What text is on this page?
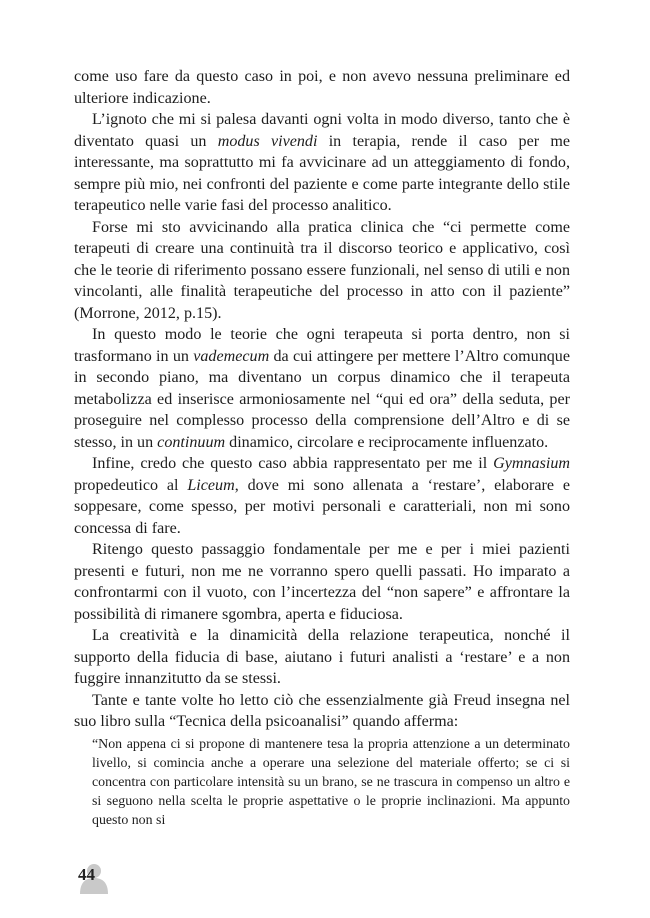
come uso fare da questo caso in poi, e non avevo nessuna preliminare ed ulteriore indicazione.

L’ignoto che mi si palesa davanti ogni volta in modo diverso, tanto che è diventato quasi un modus vivendi in terapia, rende il caso per me interessante, ma soprattutto mi fa avvicinare ad un atteggiamento di fondo, sempre più mio, nei confronti del paziente e come parte integrante dello stile terapeutico nelle varie fasi del processo analitico.

Forse mi sto avvicinando alla pratica clinica che “ci permette come terapeuti di creare una continuità tra il discorso teorico e applicativo, così che le teorie di riferimento possano essere funzionali, nel senso di utili e non vincolanti, alle finalità terapeutiche del processo in atto con il paziente” (Morrone, 2012, p.15).

In questo modo le teorie che ogni terapeuta si porta dentro, non si trasformano in un vademecum da cui attingere per mettere l’Altro comunque in secondo piano, ma diventano un corpus dinamico che il terapeuta metabolizza ed inserisce armoniosamente nel “qui ed ora” della seduta, per proseguire nel complesso processo della comprensione dell’Altro e di se stesso, in un continuum dinamico, circolare e reciprocamente influenzato.

Infine, credo che questo caso abbia rappresentato per me il Gymnasium propedeutico al Liceum, dove mi sono allenata a ‘restare’, elaborare e soppesare, come spesso, per motivi personali e caratteriali, non mi sono concessa di fare.

Ritengo questo passaggio fondamentale per me e per i miei pazienti presenti e futuri, non me ne vorranno spero quelli passati. Ho imparato a confrontarmi con il vuoto, con l’incertezza del “non sapere” e affrontare la possibilità di rimanere sgombra, aperta e fiduciosa.

La creatività e la dinamicità della relazione terapeutica, nonché il supporto della fiducia di base, aiutano i futuri analisti a ‘restare’ e a non fuggire innanzitutto da se stessi.

Tante e tante volte ho letto ciò che essenzialmente già Freud insegna nel suo libro sulla “Tecnica della psicoanalisi” quando afferma:

“Non appena ci si propone di mantenere tesa la propria attenzione a un determinato livello, si comincia anche a operare una selezione del materiale offerto; se ci si concentra con particolare intensità su un brano, se ne trascura in compenso un altro e si seguono nella scelta le proprie aspettative o le proprie inclinazioni. Ma appunto questo non si

44
